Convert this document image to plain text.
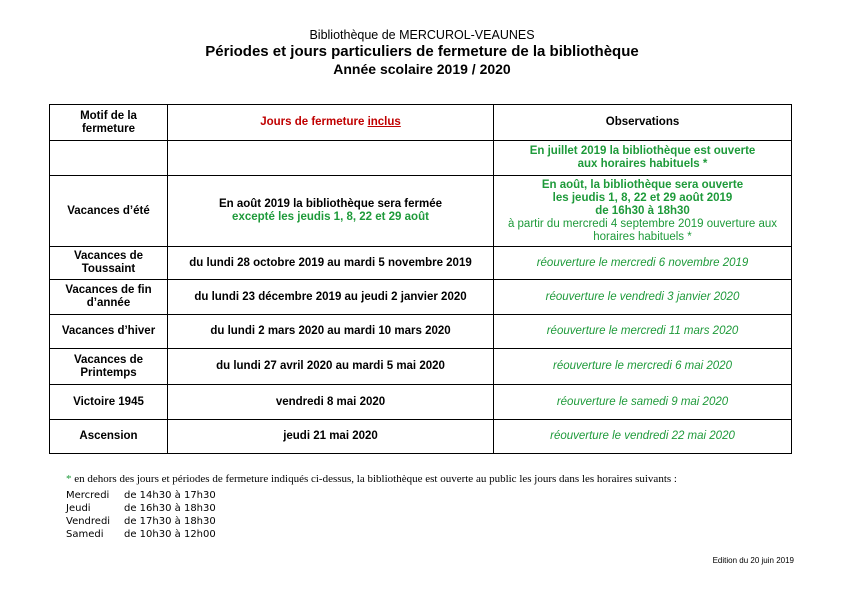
Bibliothèque de MERCUROL-VEAUNES
Périodes et jours particuliers de fermeture de la bibliothèque
Année scolaire 2019 / 2020
Motif de la fermeture	Jours de fermeture inclus	Observations

		En juillet 2019 la bibliothèque est ouverte
aux horaires habituels *

Vacances d’été	En août 2019 la bibliothèque sera fermée
excepté les jeudis 1, 8, 22 et 29 août	En août, la bibliothèque sera ouverte
les jeudis 1, 8, 22 et 29 août 2019
de 16h30 à 18h30
à partir du mercredi 4 septembre 2019 ouverture aux horaires habituels *

Vacances de Toussaint	du lundi 28 octobre 2019 au mardi 5 novembre 2019	réouverture le mercredi 6 novembre 2019
Vacances de fin d’année	du lundi 23 décembre 2019 au jeudi 2 janvier 2020	réouverture le vendredi 3 janvier 2020
Vacances d’hiver	du lundi 2 mars 2020 au mardi 10 mars 2020	réouverture le mercredi 11 mars 2020
Vacances de Printemps	du lundi 27 avril 2020 au mardi 5 mai 2020	réouverture le mercredi 6 mai 2020
Victoire 1945	vendredi 8 mai 2020	réouverture le samedi 9 mai 2020
Ascension	jeudi 21 mai 2020	réouverture le vendredi 22 mai 2020
* en dehors des jours et périodes de fermeture indiqués ci-dessus, la bibliothèque est ouverte au public les jours dans les horaires suivants :
Mercredi	de 14h30 à 17h30
Jeudi	de 16h30 à 18h30
Vendredi	de 17h30 à 18h30
Samedi	de 10h30 à 12h00
Edition du 20 juin 2019
